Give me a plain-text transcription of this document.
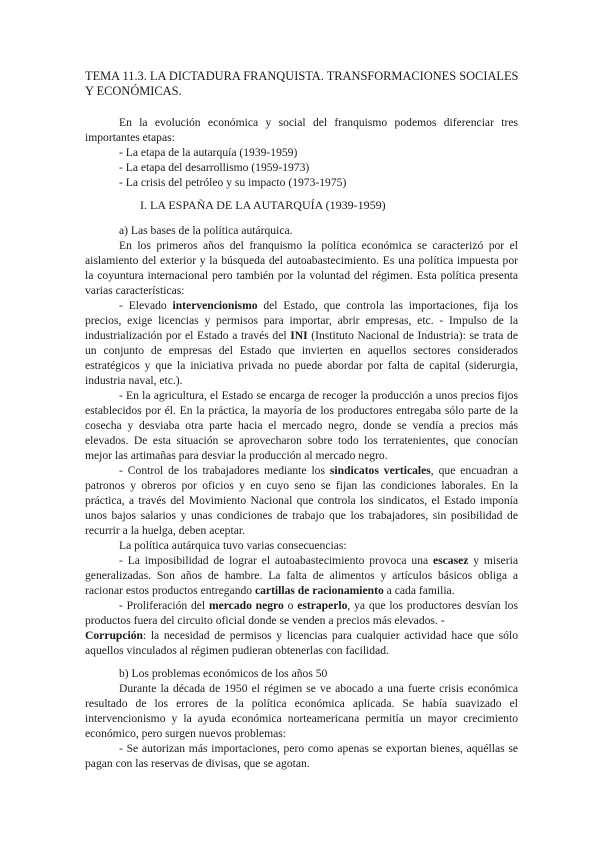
TEMA 11.3. LA DICTADURA FRANQUISTA. TRANSFORMACIONES SOCIALES Y ECONÓMICAS.

En la evolución económica y social del franquismo podemos diferenciar tres importantes etapas:

- La etapa de la autarquía (1939-1959)

- La etapa del desarrollismo (1959-1973)

- La crisis del petróleo y su impacto (1973-1975)

I. LA ESPAÑA DE LA AUTARQUÍA (1939-1959)

a) Las bases de la política autárquica.

En los primeros años del franquismo la política económica se caracterizó por el aislamiento del exterior y la búsqueda del autoabastecimiento. Es una política impuesta por la coyuntura internacional pero también por la voluntad del régimen. Esta política presenta varias características:

- Elevado intervencionismo del Estado, que controla las importaciones, fija los precios, exige licencias y permisos para importar, abrir empresas, etc. - Impulso de la industrialización por el Estado a través del INI (Instituto Nacional de Industria): se trata de un conjunto de empresas del Estado que invierten en aquellos sectores considerados estratégicos y que la iniciativa privada no puede abordar por falta de capital (siderurgia, industria naval, etc.).

- En la agricultura, el Estado se encarga de recoger la producción a unos precios fijos establecidos por él. En la práctica, la mayoría de los productores entregaba sólo parte de la cosecha y desviaba otra parte hacia el mercado negro, donde se vendía a precios más elevados. De esta situación se aprovecharon sobre todo los terratenientes, que conocían mejor las artimañas para desviar la producción al mercado negro.

- Control de los trabajadores mediante los sindicatos verticales, que encuadran a patronos y obreros por oficios y en cuyo seno se fijan las condiciones laborales. En la práctica, a través del Movimiento Nacional que controla los sindicatos, el Estado imponía unos bajos salarios y unas condiciones de trabajo que los trabajadores, sin posibilidad de recurrir a la huelga, deben aceptar.

La política autárquica tuvo varias consecuencias:

- La imposibilidad de lograr el autoabastecimiento provoca una escasez y miseria generalizadas. Son años de hambre. La falta de alimentos y artículos básicos obliga a racionar estos productos entregando cartillas de racionamiento a cada familia.

- Proliferación del mercado negro o estraperlo, ya que los productores desvían los productos fuera del circuito oficial donde se venden a precios más elevados. -

Corrupción: la necesidad de permisos y licencias para cualquier actividad hace que sólo aquellos vinculados al régimen pudieran obtenerlas con facilidad.

b) Los problemas económicos de los años 50

Durante la década de 1950 el régimen se ve abocado a una fuerte crisis económica resultado de los errores de la política económica aplicada. Se había suavizado el intervencionismo y la ayuda económica norteamericana permitía un mayor crecimiento económico, pero surgen nuevos problemas:

- Se autorizan más importaciones, pero como apenas se exportan bienes, aquéllas se pagan con las reservas de divisas, que se agotan.
